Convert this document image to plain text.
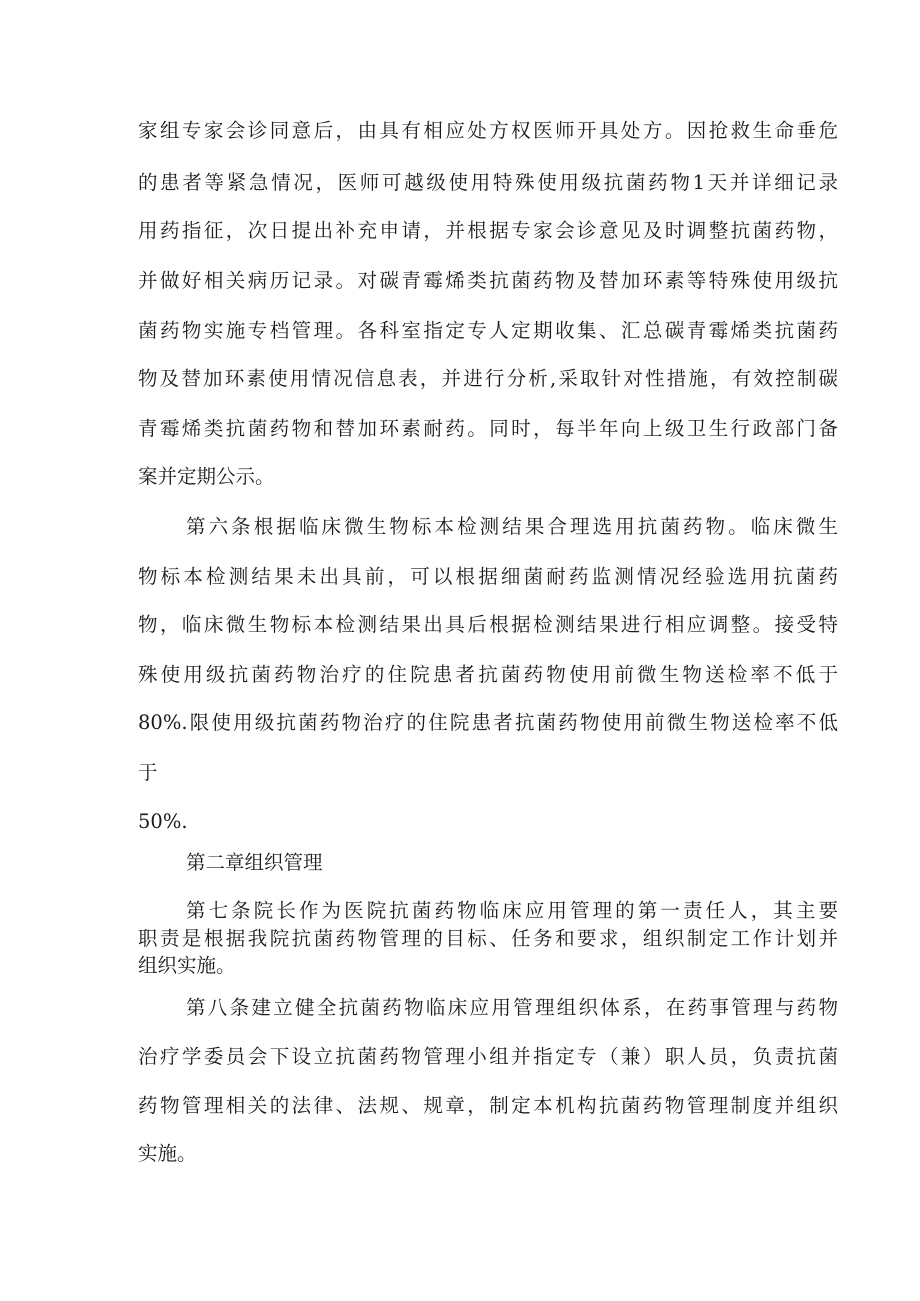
家组专家会诊同意后，由具有相应处方权医师开具处方。因抢救生命垂危

的患者等紧急情况，医师可越级使用特殊使用级抗菌药物1天并详细记录

用药指征，次日提出补充申请，并根据专家会诊意见及时调整抗菌药物，

并做好相关病历记录。对碳青霉烯类抗菌药物及替加环素等特殊使用级抗

菌药物实施专档管理。各科室指定专人定期收集、汇总碳青霉烯类抗菌药

物及替加环素使用情况信息表，并进行分析,采取针对性措施，有效控制碳

青霉烯类抗菌药物和替加环素耐药。同时，每半年向上级卫生行政部门备

案并定期公示。

第六条根据临床微生物标本检测结果合理选用抗菌药物。临床微生

物标本检测结果未出具前，可以根据细菌耐药监测情况经验选用抗菌药

物，临床微生物标本检测结果出具后根据检测结果进行相应调整。接受特

殊使用级抗菌药物治疗的住院患者抗菌药物使用前微生物送检率不低于

80%.限使用级抗菌药物治疗的住院患者抗菌药物使用前微生物送检率不低

于

50%.

第二章组织管理

第七条院长作为医院抗菌药物临床应用管理的第一责任人，其主要

职责是根据我院抗菌药物管理的目标、任务和要求，组织制定工作计划并

组织实施。

第八条建立健全抗菌药物临床应用管理组织体系，在药事管理与药物

治疗学委员会下设立抗菌药物管理小组并指定专（兼）职人员，负责抗菌

药物管理相关的法律、法规、规章，制定本机构抗菌药物管理制度并组织

实施。
